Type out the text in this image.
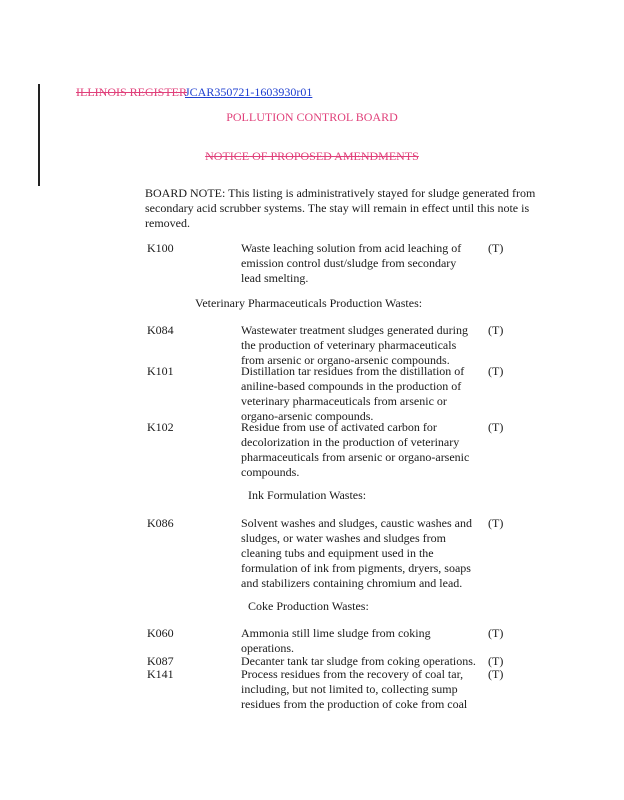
ILLINOIS REGISTER
JCAR350721-1603930r01
POLLUTION CONTROL BOARD
NOTICE OF PROPOSED AMENDMENTS
BOARD NOTE: This listing is administratively stayed for sludge generated from secondary acid scrubber systems. The stay will remain in effect until this note is removed.
K100	Waste leaching solution from acid leaching of emission control dust/sludge from secondary lead smelting.
(T)
Veterinary Pharmaceuticals Production Wastes:
K084	Wastewater treatment sludges generated during the production of veterinary pharmaceuticals from arsenic or organo-arsenic compounds.
(T)
K101	Distillation tar residues from the distillation of aniline-based compounds in the production of veterinary pharmaceuticals from arsenic or organo-arsenic compounds.
(T)
K102	Residue from use of activated carbon for decolorization in the production of veterinary pharmaceuticals from arsenic or organo-arsenic compounds.
(T)
Ink Formulation Wastes:
K086	Solvent washes and sludges, caustic washes and sludges, or water washes and sludges from cleaning tubs and equipment used in the formulation of ink from pigments, dryers, soaps and stabilizers containing chromium and lead.
(T)
Coke Production Wastes:
K060	Ammonia still lime sludge from coking operations.
(T)
K087	Decanter tank tar sludge from coking operations. (T)
K141	Process residues from the recovery of coal tar, including, but not limited to, collecting sump residues from the production of coke from coal
(T)
